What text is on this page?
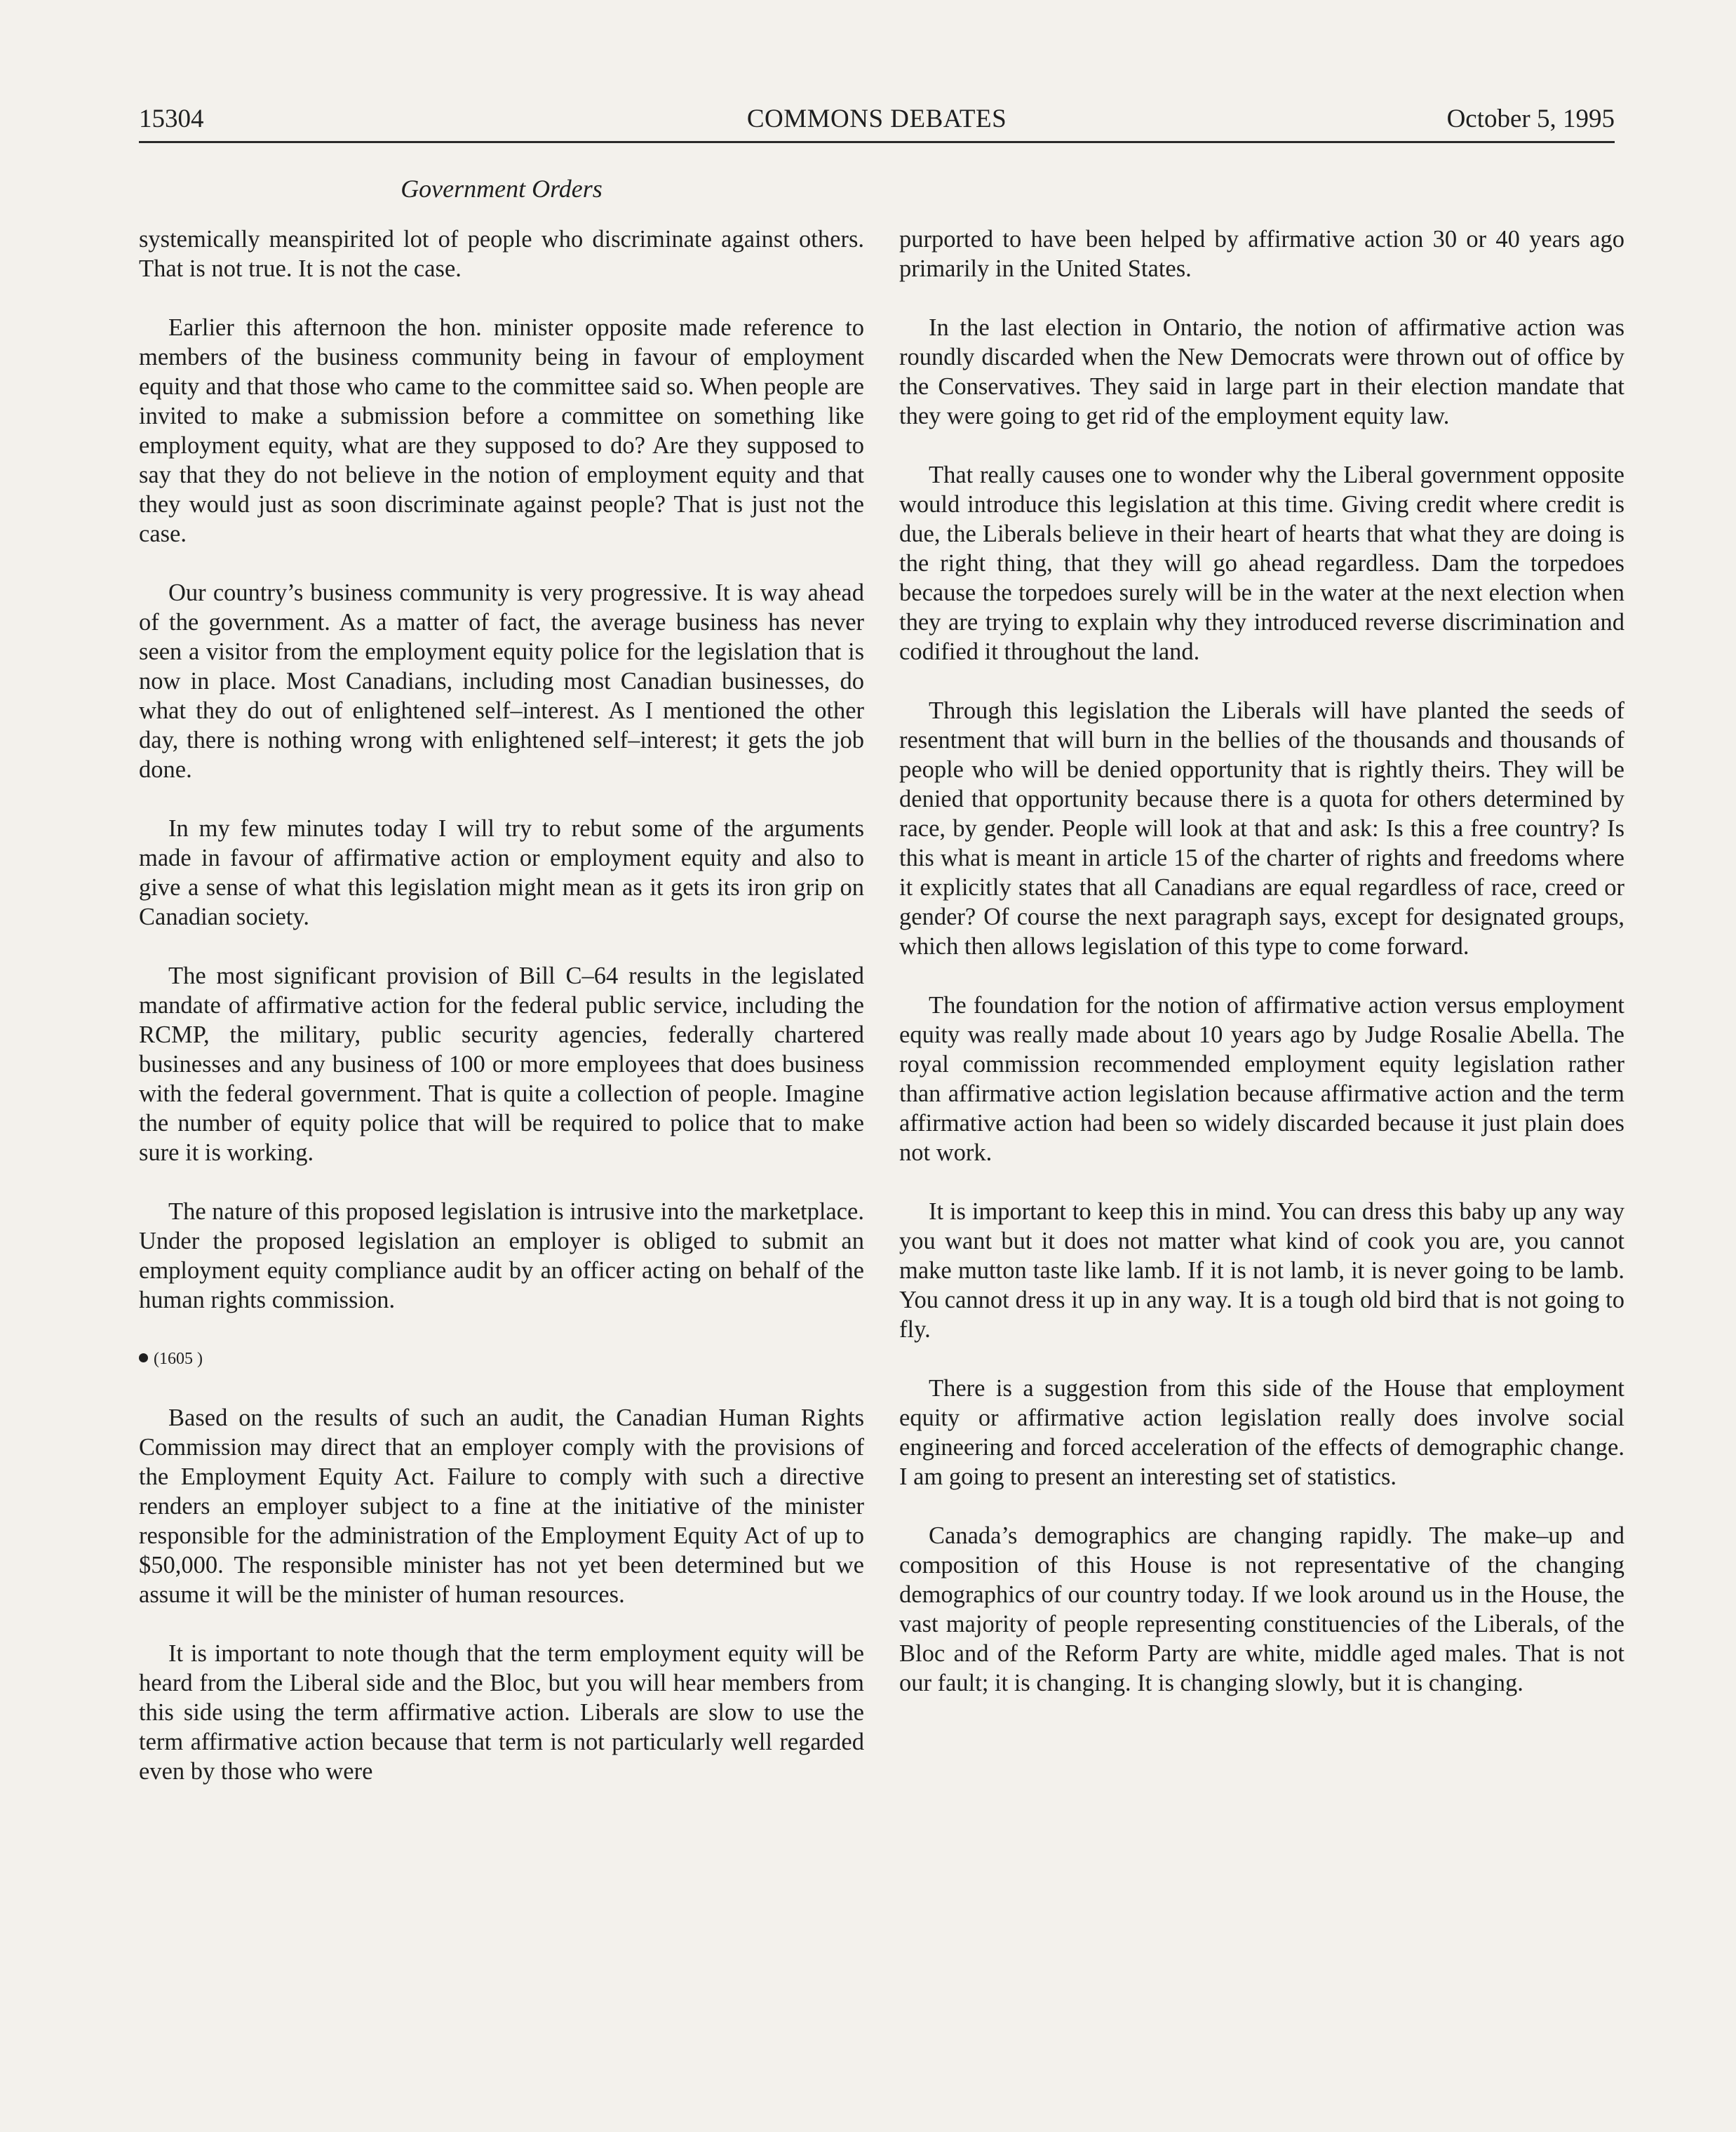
15304	COMMONS DEBATES	October 5, 1995
Government Orders

systemically meanspirited lot of people who discriminate against others. That is not true. It is not the case.

Earlier this afternoon the hon. minister opposite made reference to members of the business community being in favour of employment equity and that those who came to the committee said so. When people are invited to make a submission before a committee on something like employment equity, what are they supposed to do? Are they supposed to say that they do not believe in the notion of employment equity and that they would just as soon discriminate against people? That is just not the case.

Our country’s business community is very progressive. It is way ahead of the government. As a matter of fact, the average business has never seen a visitor from the employment equity police for the legislation that is now in place. Most Canadians, including most Canadian businesses, do what they do out of enlightened self–interest. As I mentioned the other day, there is nothing wrong with enlightened self–interest; it gets the job done.

In my few minutes today I will try to rebut some of the arguments made in favour of affirmative action or employment equity and also to give a sense of what this legislation might mean as it gets its iron grip on Canadian society.

The most significant provision of Bill C–64 results in the legislated mandate of affirmative action for the federal public service, including the RCMP, the military, public security agencies, federally chartered businesses and any business of 100 or more employees that does business with the federal government. That is quite a collection of people. Imagine the number of equity police that will be required to police that to make sure it is working.

The nature of this proposed legislation is intrusive into the marketplace. Under the proposed legislation an employer is obliged to submit an employment equity compliance audit by an officer acting on behalf of the human rights commission.

(1605 )

Based on the results of such an audit, the Canadian Human Rights Commission may direct that an employer comply with the provisions of the Employment Equity Act. Failure to comply with such a directive renders an employer subject to a fine at the initiative of the minister responsible for the administration of the Employment Equity Act of up to $50,000. The responsible minister has not yet been determined but we assume it will be the minister of human resources.

It is important to note though that the term employment equity will be heard from the Liberal side and the Bloc, but you will hear members from this side using the term affirmative action. Liberals are slow to use the term affirmative action because that term is not particularly well regarded even by those who were

purported to have been helped by affirmative action 30 or 40 years ago primarily in the United States.

In the last election in Ontario, the notion of affirmative action was roundly discarded when the New Democrats were thrown out of office by the Conservatives. They said in large part in their election mandate that they were going to get rid of the employment equity law.

That really causes one to wonder why the Liberal government opposite would introduce this legislation at this time. Giving credit where credit is due, the Liberals believe in their heart of hearts that what they are doing is the right thing, that they will go ahead regardless. Dam the torpedoes because the torpedoes surely will be in the water at the next election when they are trying to explain why they introduced reverse discrimination and codified it throughout the land.

Through this legislation the Liberals will have planted the seeds of resentment that will burn in the bellies of the thousands and thousands of people who will be denied opportunity that is rightly theirs. They will be denied that opportunity because there is a quota for others determined by race, by gender. People will look at that and ask: Is this a free country? Is this what is meant in article 15 of the charter of rights and freedoms where it explicitly states that all Canadians are equal regardless of race, creed or gender? Of course the next paragraph says, except for designated groups, which then allows legislation of this type to come forward.

The foundation for the notion of affirmative action versus employment equity was really made about 10 years ago by Judge Rosalie Abella. The royal commission recommended employment equity legislation rather than affirmative action legislation because affirmative action and the term affirmative action had been so widely discarded because it just plain does not work.

It is important to keep this in mind. You can dress this baby up any way you want but it does not matter what kind of cook you are, you cannot make mutton taste like lamb. If it is not lamb, it is never going to be lamb. You cannot dress it up in any way. It is a tough old bird that is not going to fly.

There is a suggestion from this side of the House that employment equity or affirmative action legislation really does involve social engineering and forced acceleration of the effects of demographic change. I am going to present an interesting set of statistics.

Canada’s demographics are changing rapidly. The make–up and composition of this House is not representative of the changing demographics of our country today. If we look around us in the House, the vast majority of people representing constituencies of the Liberals, of the Bloc and of the Reform Party are white, middle aged males. That is not our fault; it is changing. It is changing slowly, but it is changing.
